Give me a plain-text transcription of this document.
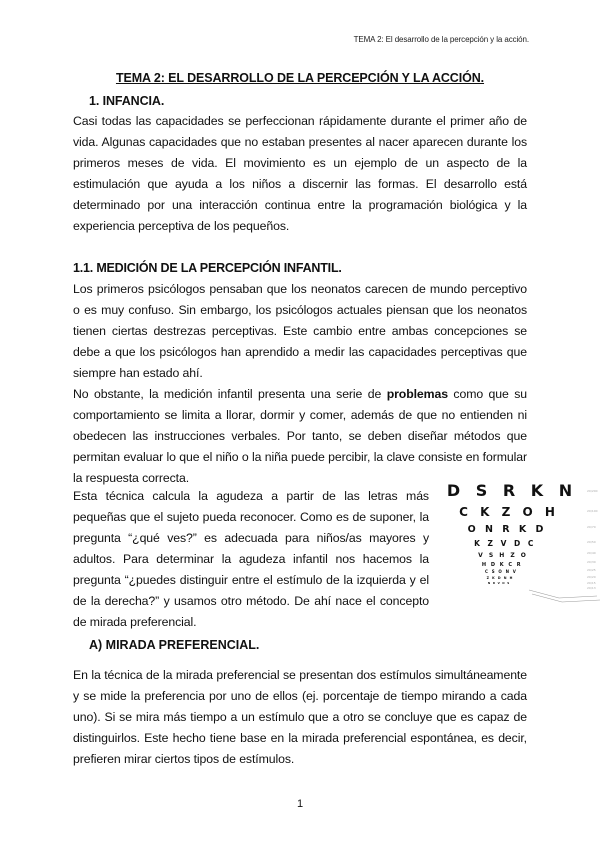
TEMA 2: El desarrollo de la percepción y la acción.
TEMA 2: EL DESARROLLO DE LA PERCEPCIÓN Y LA ACCIÓN.
1. INFANCIA.
Casi todas las capacidades se perfeccionan rápidamente durante el primer año de vida. Algunas capacidades que no estaban presentes al nacer aparecen durante los primeros meses de vida. El movimiento es un ejemplo de un aspecto de la estimulación que ayuda a los niños a discernir las formas. El desarrollo está determinado por una interacción continua entre la programación biológica y la experiencia perceptiva de los pequeños.
1.1. MEDICIÓN DE LA PERCEPCIÓN INFANTIL.
Los primeros psicólogos pensaban que los neonatos carecen de mundo perceptivo o es muy confuso. Sin embargo, los psicólogos actuales piensan que los neonatos tienen ciertas destrezas perceptivas. Este cambio entre ambas concepciones se debe a que los psicólogos han aprendido a medir las capacidades perceptivas que siempre han estado ahí.
No obstante, la medición infantil presenta una serie de problemas como que su comportamiento se limita a llorar, dormir y comer, además de que no entienden ni obedecen las instrucciones verbales. Por tanto, se deben diseñar métodos que permitan evaluar lo que el niño o la niña puede percibir, la clave consiste en formular la respuesta correcta.
Esta técnica calcula la agudeza a partir de las letras más pequeñas que el sujeto pueda reconocer. Como es de suponer, la pregunta “¿qué ves?” es adecuada para niños/as mayores y adultos. Para determinar la agudeza infantil nos hacemos la pregunta “¿puedes distinguir entre el estímulo de la izquierda y el de la derecha?” y usamos otro método. De ahí nace el concepto de mirada preferencial.
A) MIRADA PREFERENCIAL.
En la técnica de la mirada preferencial se presentan dos estímulos simultáneamente y se mide la preferencia por uno de ellos (ej. porcentaje de tiempo mirando a cada uno). Si se mira más tiempo a un estímulo que a otro se concluye que es capaz de distinguirlos. Este hecho tiene base en la mirada preferencial espontánea, es decir, prefieren mirar ciertos tipos de estímulos.
D S R K N
C K Z O H
O N R K D
K Z V D C
V S H Z O
H D K C R
C S O N V
Z K D N H
N R V O S
20/200
20/100
20/70
20/50
20/40
20/30
20/25
20/20
20/15
20/13
1
